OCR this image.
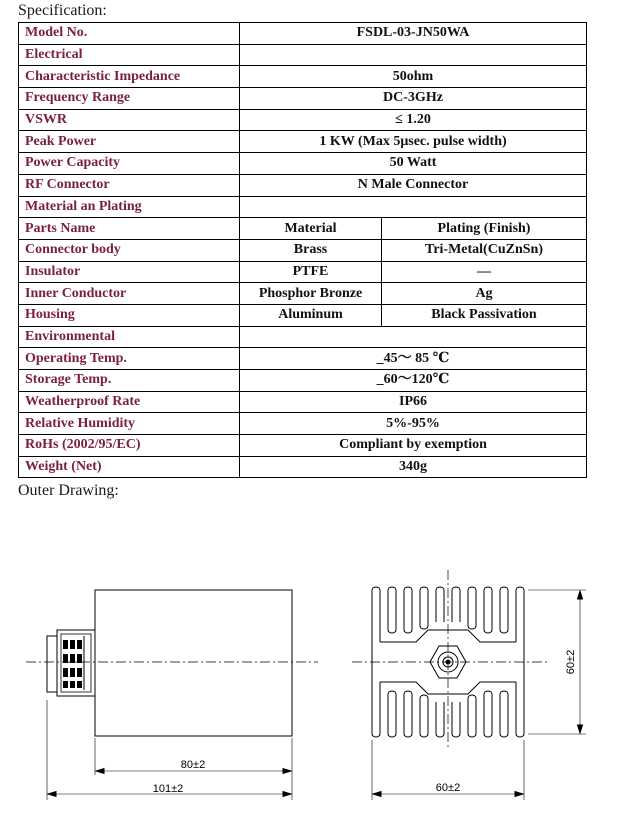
Specification:
Model No.	FSDL-03-JN50WA	
Electrical		
Characteristic Impedance	50ohm	
Frequency Range	DC-3GHz	
VSWR	≤ 1.20	
Peak Power	1 KW (Max 5μsec. pulse width)	
Power Capacity	50 Watt	
RF Connector	N Male Connector	
Material an Plating		
Parts Name	Material	Plating (Finish)
Connector body	Brass	Tri-Metal(CuZnSn)
Insulator	PTFE	—
Inner Conductor	Phosphor Bronze	Ag
Housing	Aluminum	Black Passivation
Environmental		
Operating Temp.	_45～ 85 ℃	
Storage Temp.	_60～120℃	
Weatherproof Rate	IP66	
Relative Humidity	5%-95%	
RoHs (2002/95/EC)	Compliant by exemption	
Weight (Net)	340g	
Outer Drawing:
80±2
101±2	60±2
60±2
